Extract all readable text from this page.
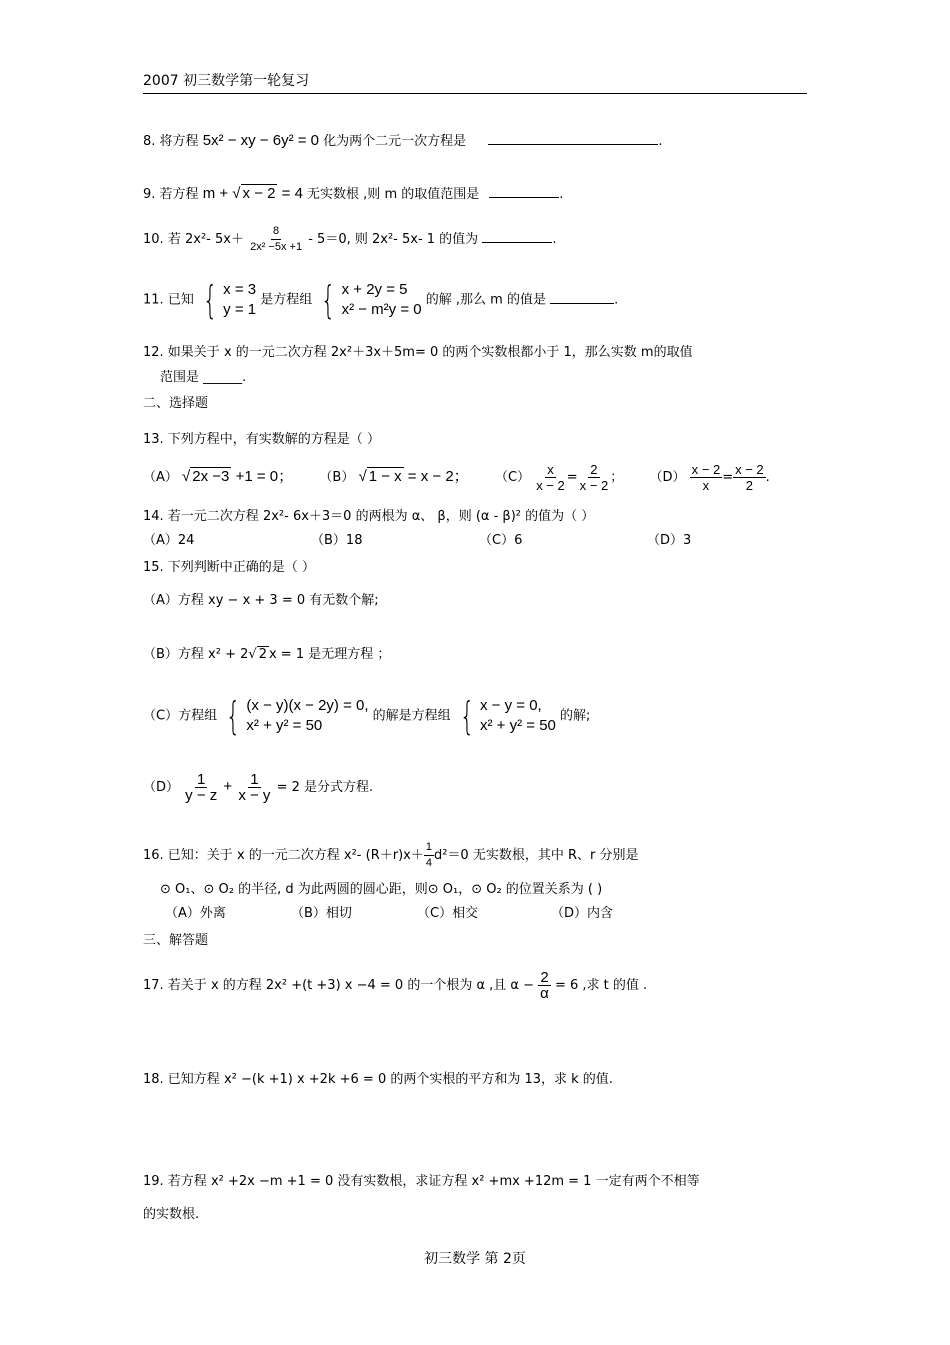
2007 初三数学第一轮复习
8. 将方程 5x² − xy − 6y² = 0 化为两个二元一次方程是	.
9. 若方程 m + √ x − 2 = 4 无实数根 ,则 m 的取值范围是	.
10. 若 2x²- $5x+ \frac{8}{\text{2x² −5x +1}} - 5=0$, 则 2x²- 5x- 1 的值为	.
11. 已知 { x = 3
y = 1
是方程组 { x + 2y = 5
x² − m²y = 0
的解 ,那么 m 的值是	.
12. 如果关于 x 的一元二次方程 2x²＋3x＋5m= 0 的两个实数根都小于 1，那么实数 m的取值
范围是 ______.
二、选择题
13. 下列方程中，有实数解的方程是（ ）
（A） √ 2x −3 +1 = 0； （B） √ 1 − x = x − 2； $(C) \frac{x}{x - 2} = \frac{2}{x - 2}$ ； $(D) \frac{x - 2}{x} = \frac{x - 2}{2}$ .
14. 若一元二次方程 2x²- 6x＋3＝0 的两根为 α、 β，则 (α - β)² 的值为（ ）
（A）24	（B）18	（C）6	（D）3
15. 下列判断中正确的是（ ）
（A）方程 xy − x + 3 = 0 有无数个解;
（B）方程 x² + 2√ 2 x = 1 是无理方程 ；
（C）方程组 { (x − y)(x − 2y) = 0,
x² + y² = 50
的解是方程组 { x − y = 0,
x² + y² = 50
的解;
$(D) \frac{1}{y - z} + \frac{1}{x - y} = 2$ 是分式方程.
16. 已知：关于 x 的一元二次方程 x²- $(R+r)x+ \frac{1}{4} d^2=0$ 无实数根，其中 R、r 分别是
⊙ O₁、⊙ O₂ 的半径, d 为此两圆的圆心距，则⊙ O₁，⊙ O₂ 的位置关系为 ( )
（A）外离	（B）相切	（C）相交	（D）内含
三、解答题
17. 若关于 x 的方程 2x² +(t +3) x −4 = 0 的一个根为 α ,且 $\alpha - \frac{2}{\alpha} = 6$ ,求 t 的值 .
18. 已知方程 x² −(k +1) x +2k +6 = 0 的两个实根的平方和为 13，求 k 的值.
19. 若方程 x² +2x −m +1 = 0 没有实数根，求证方程 x² +mx +12m = 1 一定有两个不相等
的实数根.
初三数学 第 2页
